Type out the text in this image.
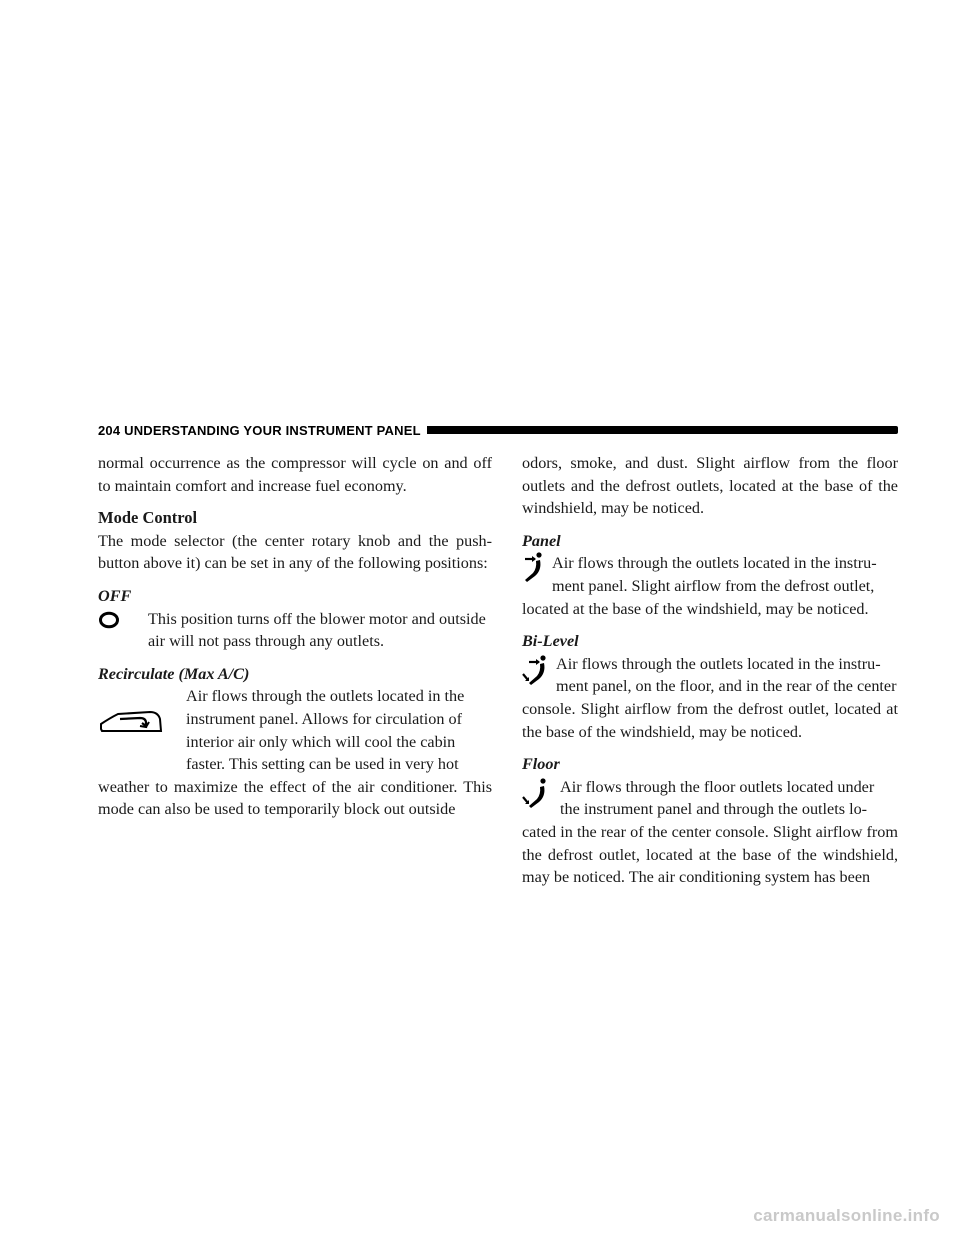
204 UNDERSTANDING YOUR INSTRUMENT PANEL

normal occurrence as the compressor will cycle on and off to maintain comfort and increase fuel economy.

Mode Control

The mode selector (the center rotary knob and the push-button above it) can be set in any of the following positions:

OFF

This position turns off the blower motor and outside

air will not pass through any outlets.

Recirculate (Max A/C)

Air flows through the outlets located in the

instrument panel. Allows for circulation of

interior air only which will cool the cabin

faster. This setting can be used in very hot

weather to maximize the effect of the air conditioner. This mode can also be used to temporarily block out outside

odors, smoke, and dust. Slight airflow from the floor outlets and the defrost outlets, located at the base of the windshield, may be noticed.

Panel

Air flows through the outlets located in the instru-

ment panel. Slight airflow from the defrost outlet,

located at the base of the windshield, may be noticed.

Bi-Level

Air flows through the outlets located in the instru-

ment panel, on the floor, and in the rear of the center

console. Slight airflow from the defrost outlet, located at the base of the windshield, may be noticed.

Floor

Air flows through the floor outlets located under

the instrument panel and through the outlets lo-

cated in the rear of the center console. Slight airflow from the defrost outlet, located at the base of the windshield, may be noticed. The air conditioning system has been

carmanualsonline.info
